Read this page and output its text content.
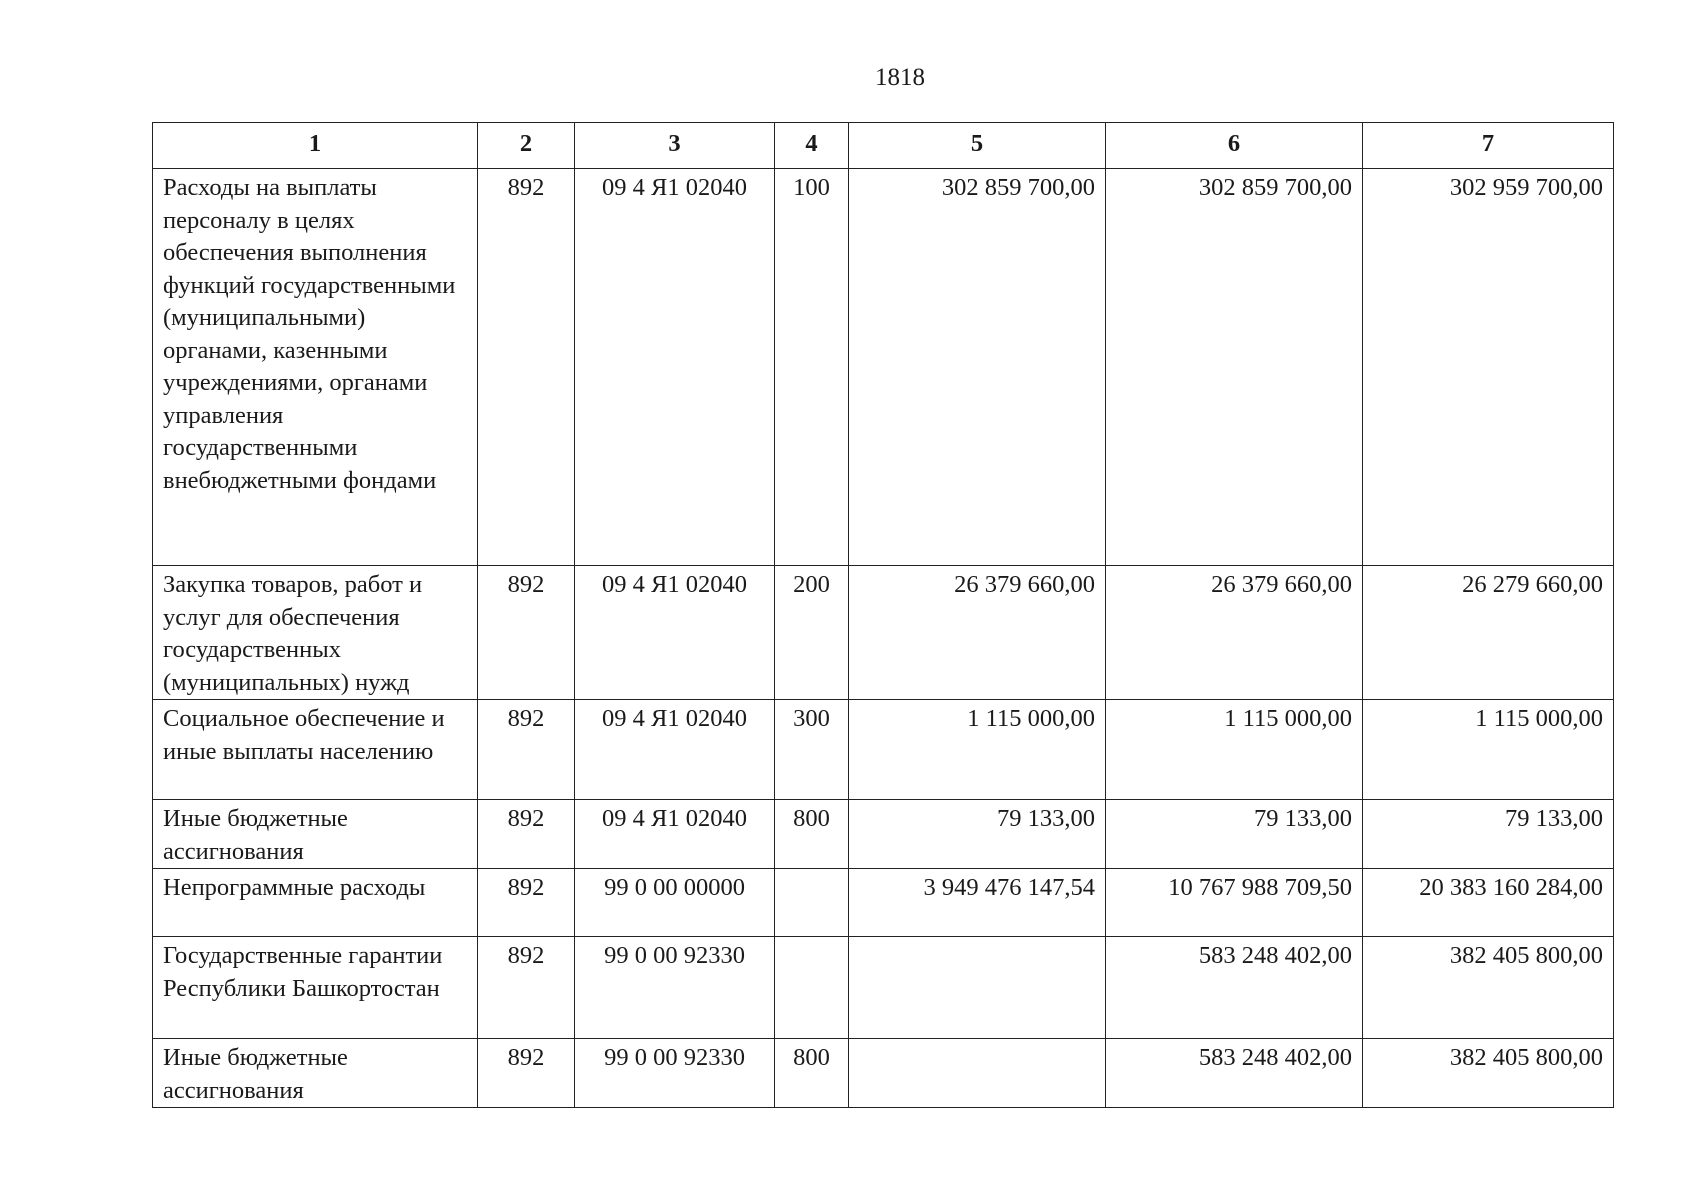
1818
1	2	3	4	5	6	7
Расходы на выплаты персоналу в целях обеспечения выполнения функций государственными (муниципальными) органами, казенными учреждениями, органами управления государственными внебюджетными фондами	892	09 4 Я1 02040	100	302 859 700,00	302 859 700,00	302 959 700,00
Закупка товаров, работ и услуг для обеспечения государственных (муниципальных) нужд	892	09 4 Я1 02040	200	26 379 660,00	26 379 660,00	26 279 660,00
Социальное обеспечение и иные выплаты населению	892	09 4 Я1 02040	300	1 115 000,00	1 115 000,00	1 115 000,00
Иные бюджетные ассигнования	892	09 4 Я1 02040	800	79 133,00	79 133,00	79 133,00
Непрограммные расходы	892	99 0 00 00000		3 949 476 147,54	10 767 988 709,50	20 383 160 284,00
Государственные гарантии Республики Башкортостан	892	99 0 00 92330			583 248 402,00	382 405 800,00
Иные бюджетные ассигнования	892	99 0 00 92330	800		583 248 402,00	382 405 800,00
